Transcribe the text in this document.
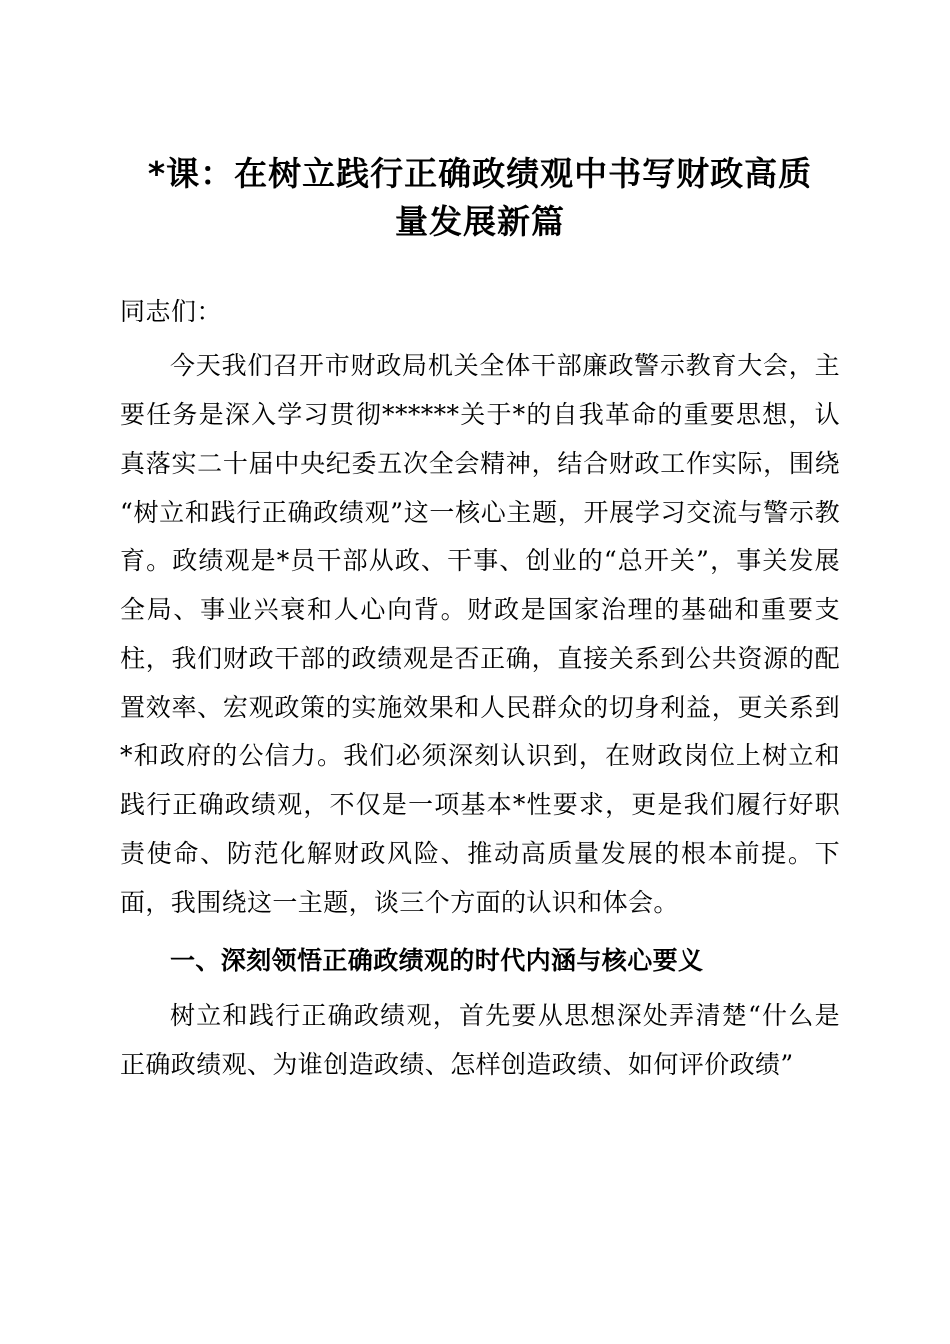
*课：在树立践行正确政绩观中书写财政高质量发展新篇

同志们：

今天我们召开市财政局机关全体干部廉政警示教育大会，主要任务是深入学习贯彻******关于*的自我革命的重要思想，认真落实二十届中央纪委五次全会精神，结合财政工作实际，围绕“树立和践行正确政绩观”这一核心主题，开展学习交流与警示教育。政绩观是*员干部从政、干事、创业的“总开关”，事关发展全局、事业兴衰和人心向背。财政是国家治理的基础和重要支柱，我们财政干部的政绩观是否正确，直接关系到公共资源的配置效率、宏观政策的实施效果和人民群众的切身利益，更关系到*和政府的公信力。我们必须深刻认识到，在财政岗位上树立和践行正确政绩观，不仅是一项基本*性要求，更是我们履行好职责使命、防范化解财政风险、推动高质量发展的根本前提。下面，我围绕这一主题，谈三个方面的认识和体会。

一、深刻领悟正确政绩观的时代内涵与核心要义

树立和践行正确政绩观，首先要从思想深处弄清楚“什么是正确政绩观、为谁创造政绩、怎样创造政绩、如何评价政绩”
